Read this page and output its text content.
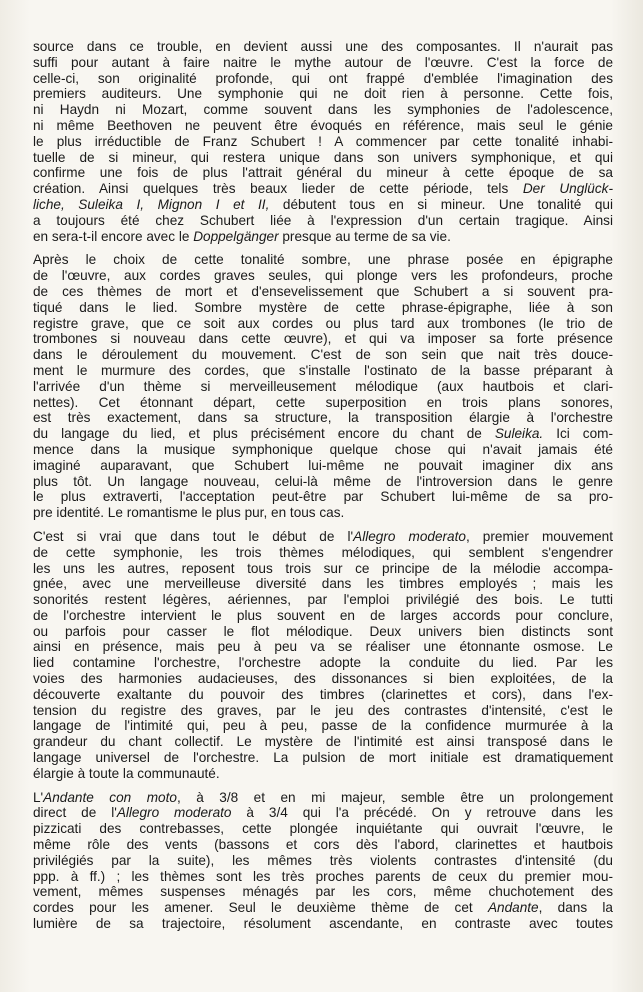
source dans ce trouble, en devient aussi une des composantes. Il n'aurait pas
suffi pour autant à faire naitre le mythe autour de l'œuvre. C'est la force de
celle-ci, son originalité profonde, qui ont frappé d'emblée l'imagination des
premiers auditeurs. Une symphonie qui ne doit rien à personne. Cette fois,
ni Haydn ni Mozart, comme souvent dans les symphonies de l'adolescence,
ni même Beethoven ne peuvent être évoqués en référence, mais seul le génie
le plus irréductible de Franz Schubert ! A commencer par cette tonalité inhabi-
tuelle de si mineur, qui restera unique dans son univers symphonique, et qui
confirme une fois de plus l'attrait général du mineur à cette époque de sa
création. Ainsi quelques très beaux lieder de cette période, tels Der Unglück-
liche, Suleika I, Mignon I et II, débutent tous en si mineur. Une tonalité qui
a toujours été chez Schubert liée à l'expression d'un certain tragique. Ainsi
en sera-t-il encore avec le Doppelgänger presque au terme de sa vie.
Après le choix de cette tonalité sombre, une phrase posée en épigraphe
de l'œuvre, aux cordes graves seules, qui plonge vers les profondeurs, proche
de ces thèmes de mort et d'ensevelissement que Schubert a si souvent pra-
tiqué dans le lied. Sombre mystère de cette phrase-épigraphe, liée à son
registre grave, que ce soit aux cordes ou plus tard aux trombones (le trio de
trombones si nouveau dans cette œuvre), et qui va imposer sa forte présence
dans le déroulement du mouvement. C'est de son sein que nait très douce-
ment le murmure des cordes, que s'installe l'ostinato de la basse préparant à
l'arrivée d'un thème si merveilleusement mélodique (aux hautbois et clari-
nettes). Cet étonnant départ, cette superposition en trois plans sonores,
est très exactement, dans sa structure, la transposition élargie à l'orchestre
du langage du lied, et plus précisément encore du chant de Suleika. Ici com-
mence dans la musique symphonique quelque chose qui n'avait jamais été
imaginé auparavant, que Schubert lui-même ne pouvait imaginer dix ans
plus tôt. Un langage nouveau, celui-là même de l'introversion dans le genre
le plus extraverti, l'acceptation peut-être par Schubert lui-même de sa pro-
pre identité. Le romantisme le plus pur, en tous cas.
C'est si vrai que dans tout le début de l'Allegro moderato, premier mouvement
de cette symphonie, les trois thèmes mélodiques, qui semblent s'engendrer
les uns les autres, reposent tous trois sur ce principe de la mélodie accompa-
gnée, avec une merveilleuse diversité dans les timbres employés ; mais les
sonorités restent légères, aériennes, par l'emploi privilégié des bois. Le tutti
de l'orchestre intervient le plus souvent en de larges accords pour conclure,
ou parfois pour casser le flot mélodique. Deux univers bien distincts sont
ainsi en présence, mais peu à peu va se réaliser une étonnante osmose. Le
lied contamine l'orchestre, l'orchestre adopte la conduite du lied. Par les
voies des harmonies audacieuses, des dissonances si bien exploitées, de la
découverte exaltante du pouvoir des timbres (clarinettes et cors), dans l'ex-
tension du registre des graves, par le jeu des contrastes d'intensité, c'est le
langage de l'intimité qui, peu à peu, passe de la confidence murmurée à la
grandeur du chant collectif. Le mystère de l'intimité est ainsi transposé dans le
langage universel de l'orchestre. La pulsion de mort initiale est dramatiquement
élargie à toute la communauté.
L'Andante con moto, à 3/8 et en mi majeur, semble être un prolongement
direct de l'Allegro moderato à 3/4 qui l'a précédé. On y retrouve dans les
pizzicati des contrebasses, cette plongée inquiétante qui ouvrait l'œuvre, le
même rôle des vents (bassons et cors dès l'abord, clarinettes et hautbois
privilégiés par la suite), les mêmes très violents contrastes d'intensité (du
ppp. à ff.) ; les thèmes sont les très proches parents de ceux du premier mou-
vement, mêmes suspenses ménagés par les cors, même chuchotement des
cordes pour les amener. Seul le deuxième thème de cet Andante, dans la
lumière de sa trajectoire, résolument ascendante, en contraste avec toutes
